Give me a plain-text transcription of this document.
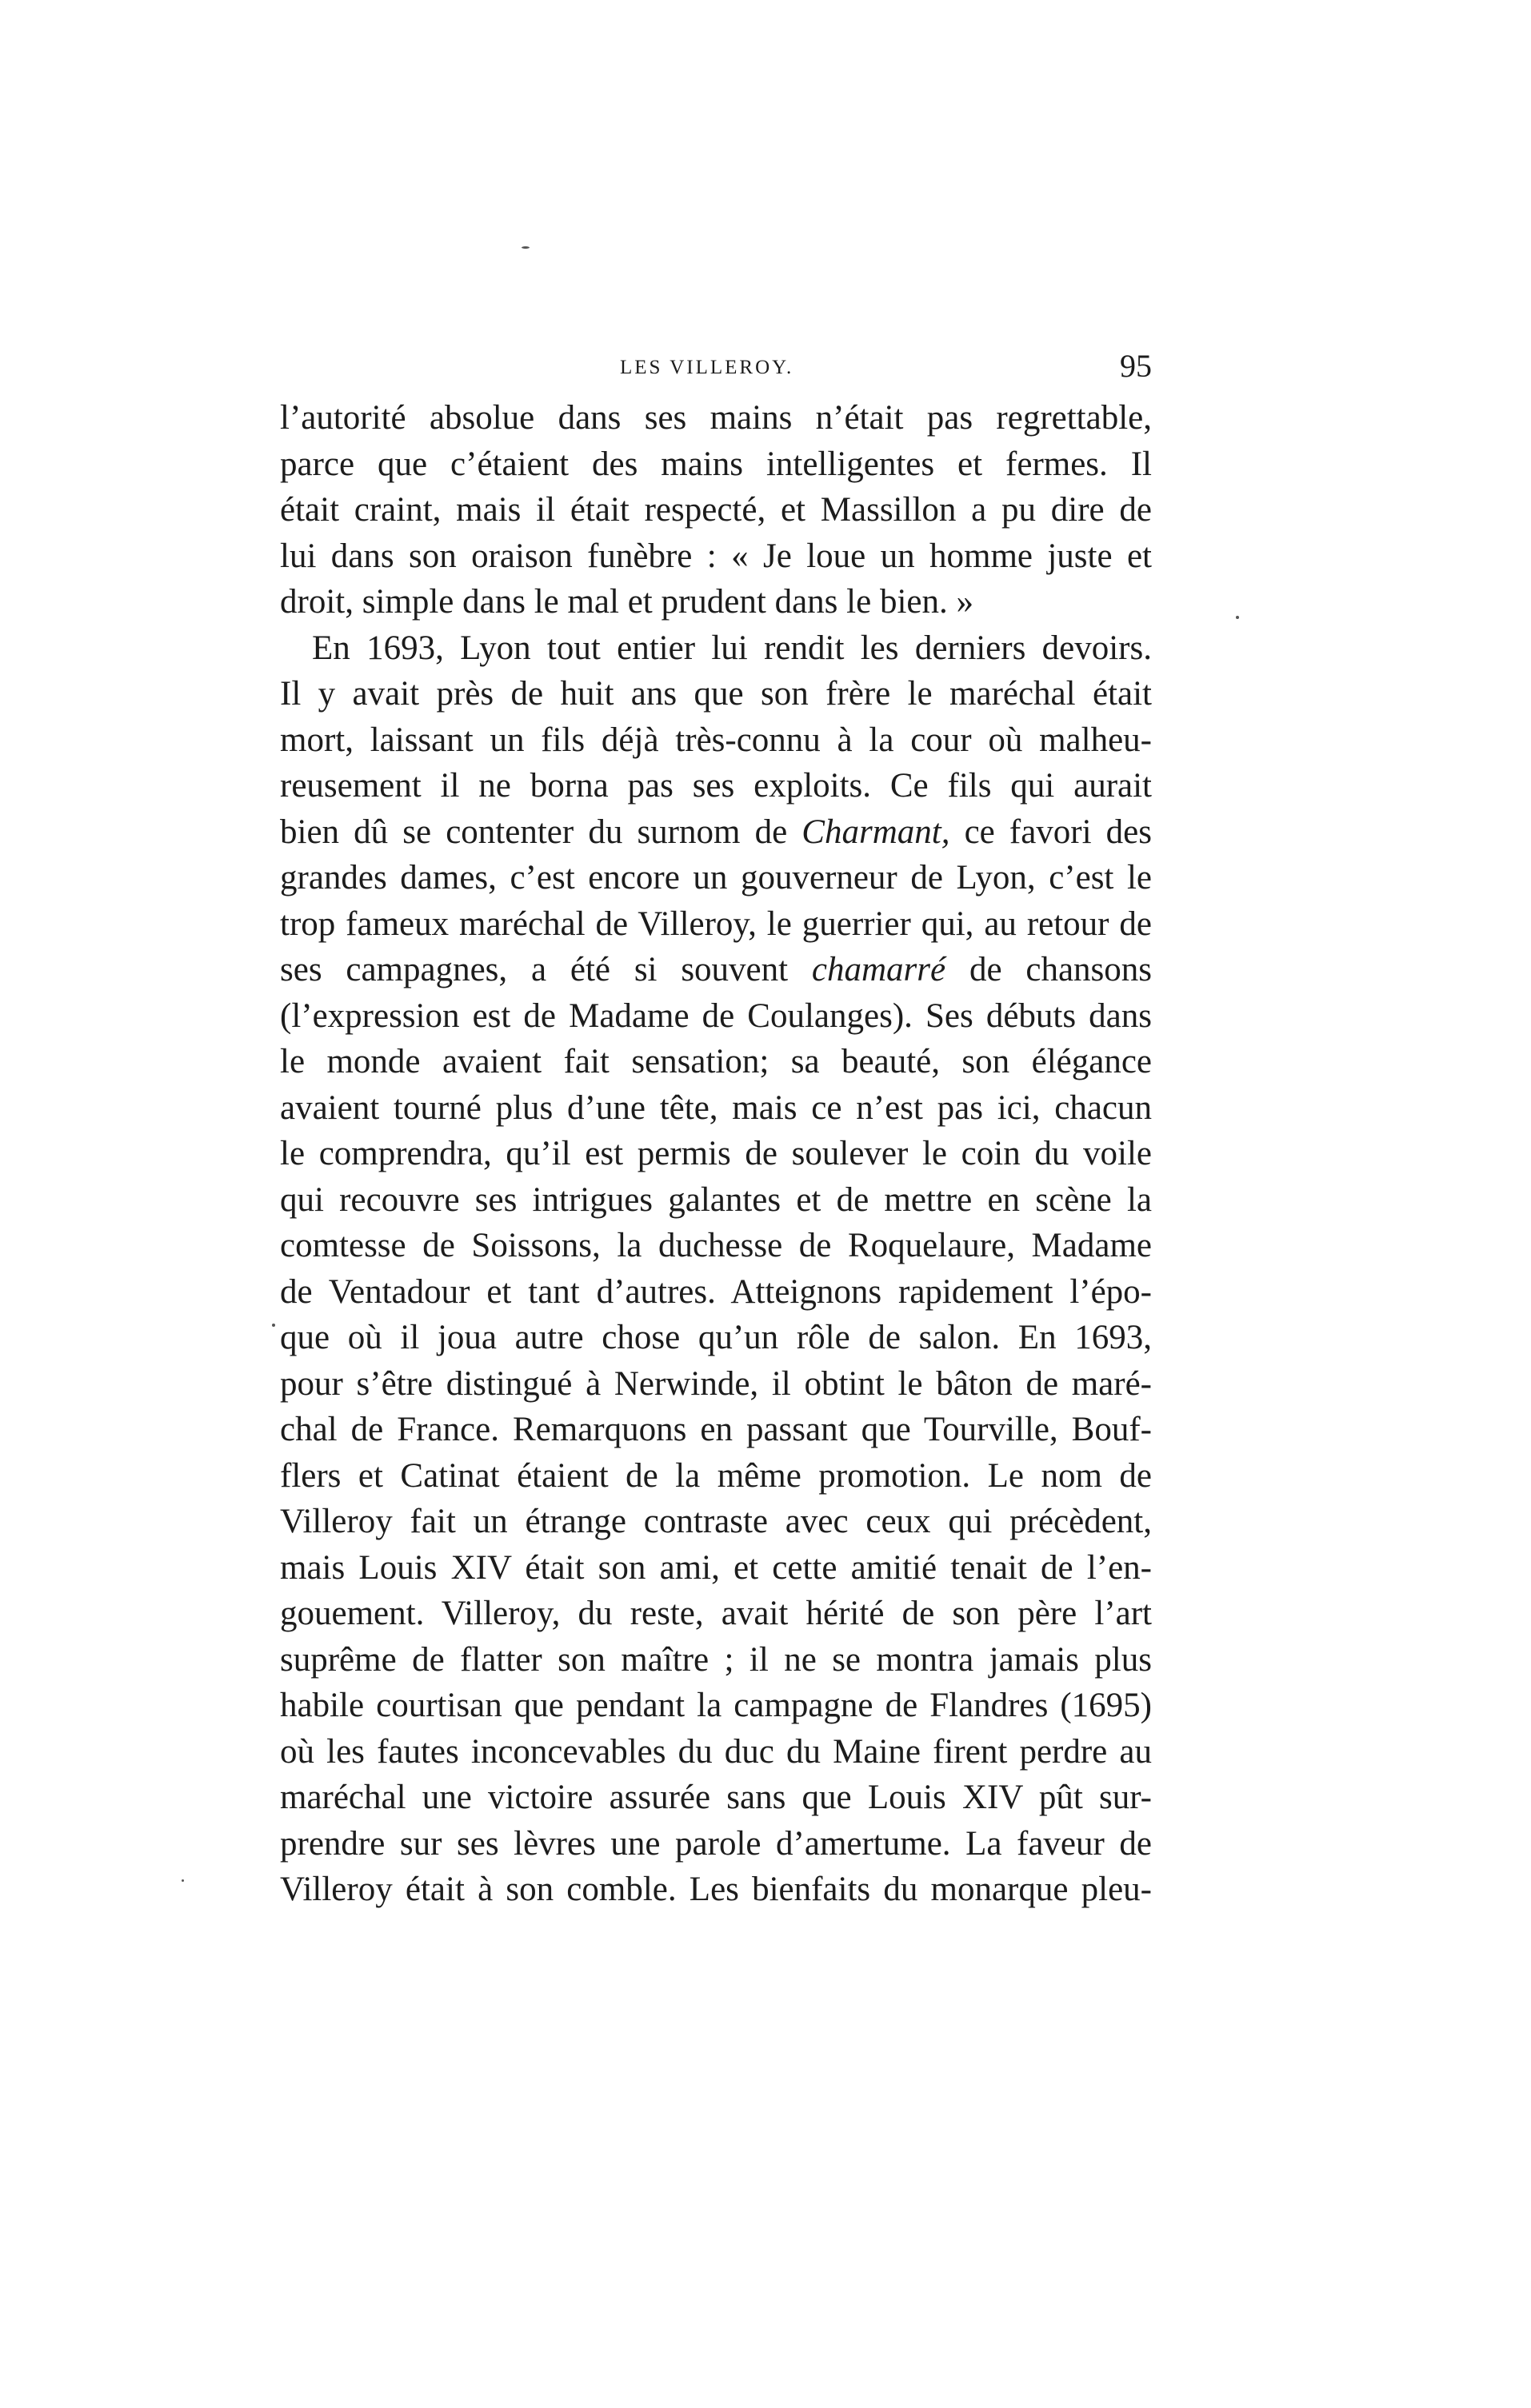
LES VILLEROY.	95
l’autorité absolue dans ses mains n’était pas regrettable,
parce que c’étaient des mains intelligentes et fermes. Il
était craint, mais il était respecté, et Massillon a pu dire de
lui dans son oraison funèbre : « Je loue un homme juste et
droit, simple dans le mal et prudent dans le bien. »
En 1693, Lyon tout entier lui rendit les derniers devoirs.
Il y avait près de huit ans que son frère le maréchal était
mort, laissant un fils déjà très-connu à la cour où malheu-
reusement il ne borna pas ses exploits. Ce fils qui aurait
bien dû se contenter du surnom de Charmant, ce favori des
grandes dames, c’est encore un gouverneur de Lyon, c’est le
trop fameux maréchal de Villeroy, le guerrier qui, au retour de
ses campagnes, a été si souvent chamarré de chansons
(l’expression est de Madame de Coulanges). Ses débuts dans
le monde avaient fait sensation; sa beauté, son élégance
avaient tourné plus d’une tête, mais ce n’est pas ici, chacun
le comprendra, qu’il est permis de soulever le coin du voile
qui recouvre ses intrigues galantes et de mettre en scène la
comtesse de Soissons, la duchesse de Roquelaure, Madame
de Ventadour et tant d’autres. Atteignons rapidement l’épo-
que où il joua autre chose qu’un rôle de salon. En 1693,
pour s’être distingué à Nerwinde, il obtint le bâton de maré-
chal de France. Remarquons en passant que Tourville, Bouf-
flers et Catinat étaient de la même promotion. Le nom de
Villeroy fait un étrange contraste avec ceux qui précèdent,
mais Louis XIV était son ami, et cette amitié tenait de l’en-
gouement. Villeroy, du reste, avait hérité de son père l’art
suprême de flatter son maître ; il ne se montra jamais plus
habile courtisan que pendant la campagne de Flandres (1695)
où les fautes inconcevables du duc du Maine firent perdre au
maréchal une victoire assurée sans que Louis XIV pût sur-
prendre sur ses lèvres une parole d’amertume. La faveur de
Villeroy était à son comble. Les bienfaits du monarque pleu-
